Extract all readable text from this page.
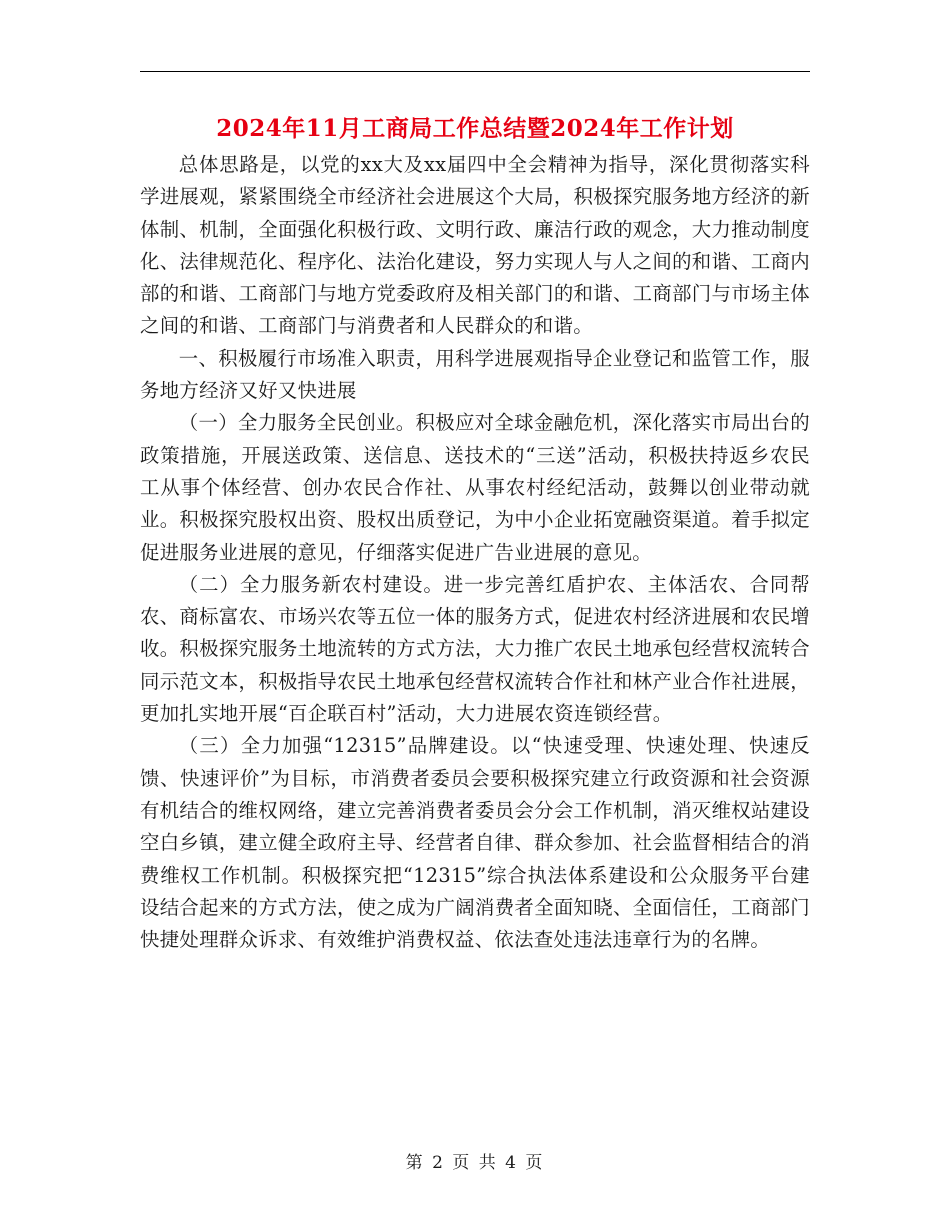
2024年11月工商局工作总结暨2024年工作计划

总体思路是，以党的xx大及xx届四中全会精神为指导，深化贯彻落实科学进展观，紧紧围绕全市经济社会进展这个大局，积极探究服务地方经济的新体制、机制，全面强化积极行政、文明行政、廉洁行政的观念，大力推动制度化、法律规范化、程序化、法治化建设，努力实现人与人之间的和谐、工商内部的和谐、工商部门与地方党委政府及相关部门的和谐、工商部门与市场主体之间的和谐、工商部门与消费者和人民群众的和谐。

一、积极履行市场准入职责，用科学进展观指导企业登记和监管工作，服务地方经济又好又快进展

（一）全力服务全民创业。积极应对全球金融危机，深化落实市局出台的政策措施，开展送政策、送信息、送技术的“三送”活动，积极扶持返乡农民工从事个体经营、创办农民合作社、从事农村经纪活动，鼓舞以创业带动就业。积极探究股权出资、股权出质登记，为中小企业拓宽融资渠道。着手拟定促进服务业进展的意见，仔细落实促进广告业进展的意见。

（二）全力服务新农村建设。进一步完善红盾护农、主体活农、合同帮农、商标富农、市场兴农等五位一体的服务方式，促进农村经济进展和农民增收。积极探究服务土地流转的方式方法，大力推广农民土地承包经营权流转合同示范文本，积极指导农民土地承包经营权流转合作社和林产业合作社进展，更加扎实地开展“百企联百村”活动，大力进展农资连锁经营。

（三）全力加强“12315”品牌建设。以“快速受理、快速处理、快速反馈、快速评价”为目标，市消费者委员会要积极探究建立行政资源和社会资源有机结合的维权网络，建立完善消费者委员会分会工作机制，消灭维权站建设空白乡镇，建立健全政府主导、经营者自律、群众参加、社会监督相结合的消费维权工作机制。积极探究把“12315”综合执法体系建设和公众服务平台建设结合起来的方式方法，使之成为广阔消费者全面知晓、全面信任，工商部门快捷处理群众诉求、有效维护消费权益、依法查处违法违章行为的名牌。

第 2 页 共 4 页
